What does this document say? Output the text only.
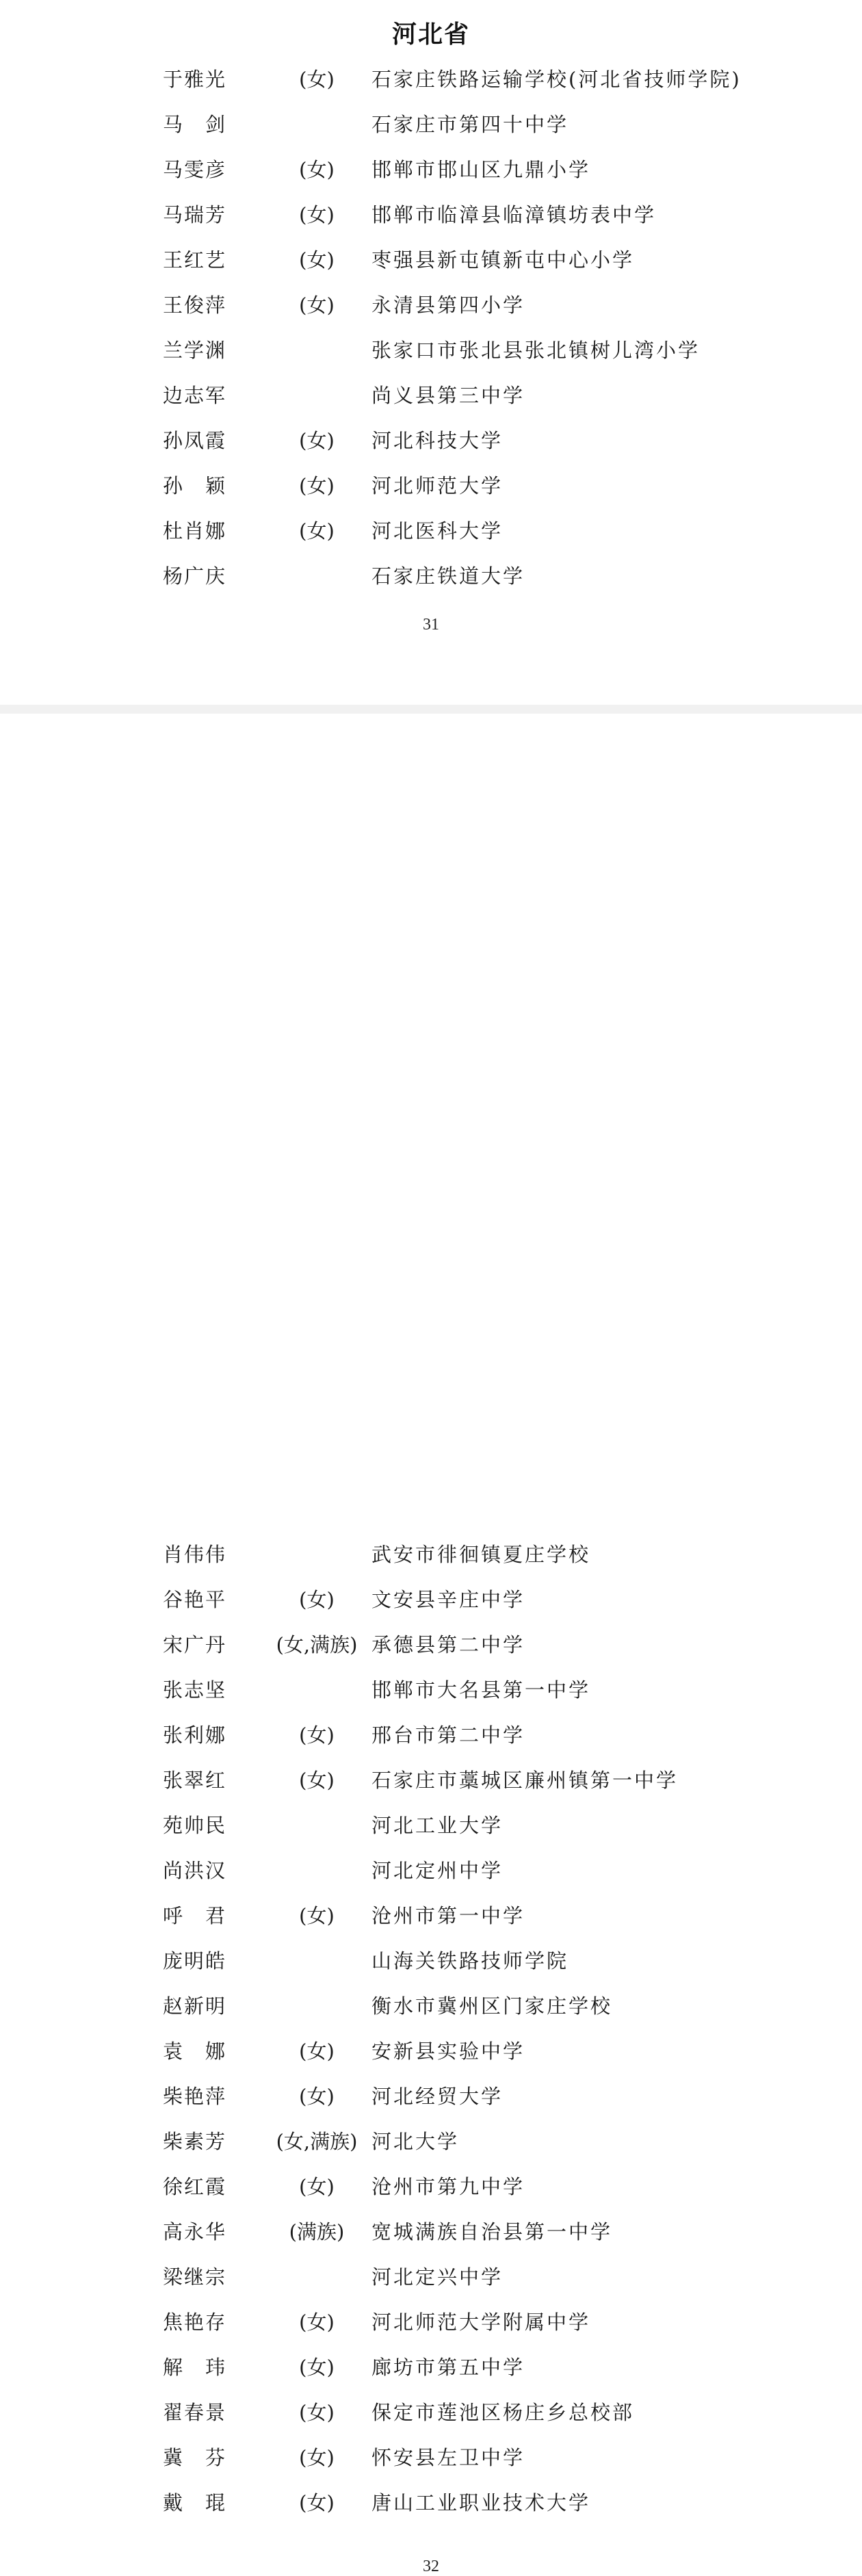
河北省
于雅光	(女)	石家庄铁路运输学校(河北省技师学院)
马　剑	石家庄市第四十中学
马雯彦	(女)	邯郸市邯山区九鼎小学
马瑞芳	(女)	邯郸市临漳县临漳镇坊表中学
王红艺	(女)	枣强县新屯镇新屯中心小学
王俊萍	(女)	永清县第四小学
兰学渊	张家口市张北县张北镇树儿湾小学
边志军	尚义县第三中学
孙凤霞	(女)	河北科技大学
孙　颖	(女)	河北师范大学
杜肖娜	(女)	河北医科大学
杨广庆	石家庄铁道大学
31
肖伟伟	武安市徘徊镇夏庄学校
谷艳平	(女)	文安县辛庄中学
宋广丹	(女,满族) 承德县第二中学
张志坚	邯郸市大名县第一中学
张利娜	(女)	邢台市第二中学
张翠红	(女)	石家庄市藁城区廉州镇第一中学
苑帅民	河北工业大学
尚洪汉	河北定州中学
呼　君	(女)	沧州市第一中学
庞明皓	山海关铁路技师学院
赵新明	衡水市冀州区门家庄学校
袁　娜	(女)	安新县实验中学
柴艳萍	(女)	河北经贸大学
柴素芳	(女,满族) 河北大学
徐红霞	(女)	沧州市第九中学
高永华	(满族)	宽城满族自治县第一中学
梁继宗	河北定兴中学
焦艳存	(女)	河北师范大学附属中学
解　玮	(女)	廊坊市第五中学
翟春景	(女)	保定市莲池区杨庄乡总校部
冀　芬	(女)	怀安县左卫中学
戴　琨	(女)	唐山工业职业技术大学
32
